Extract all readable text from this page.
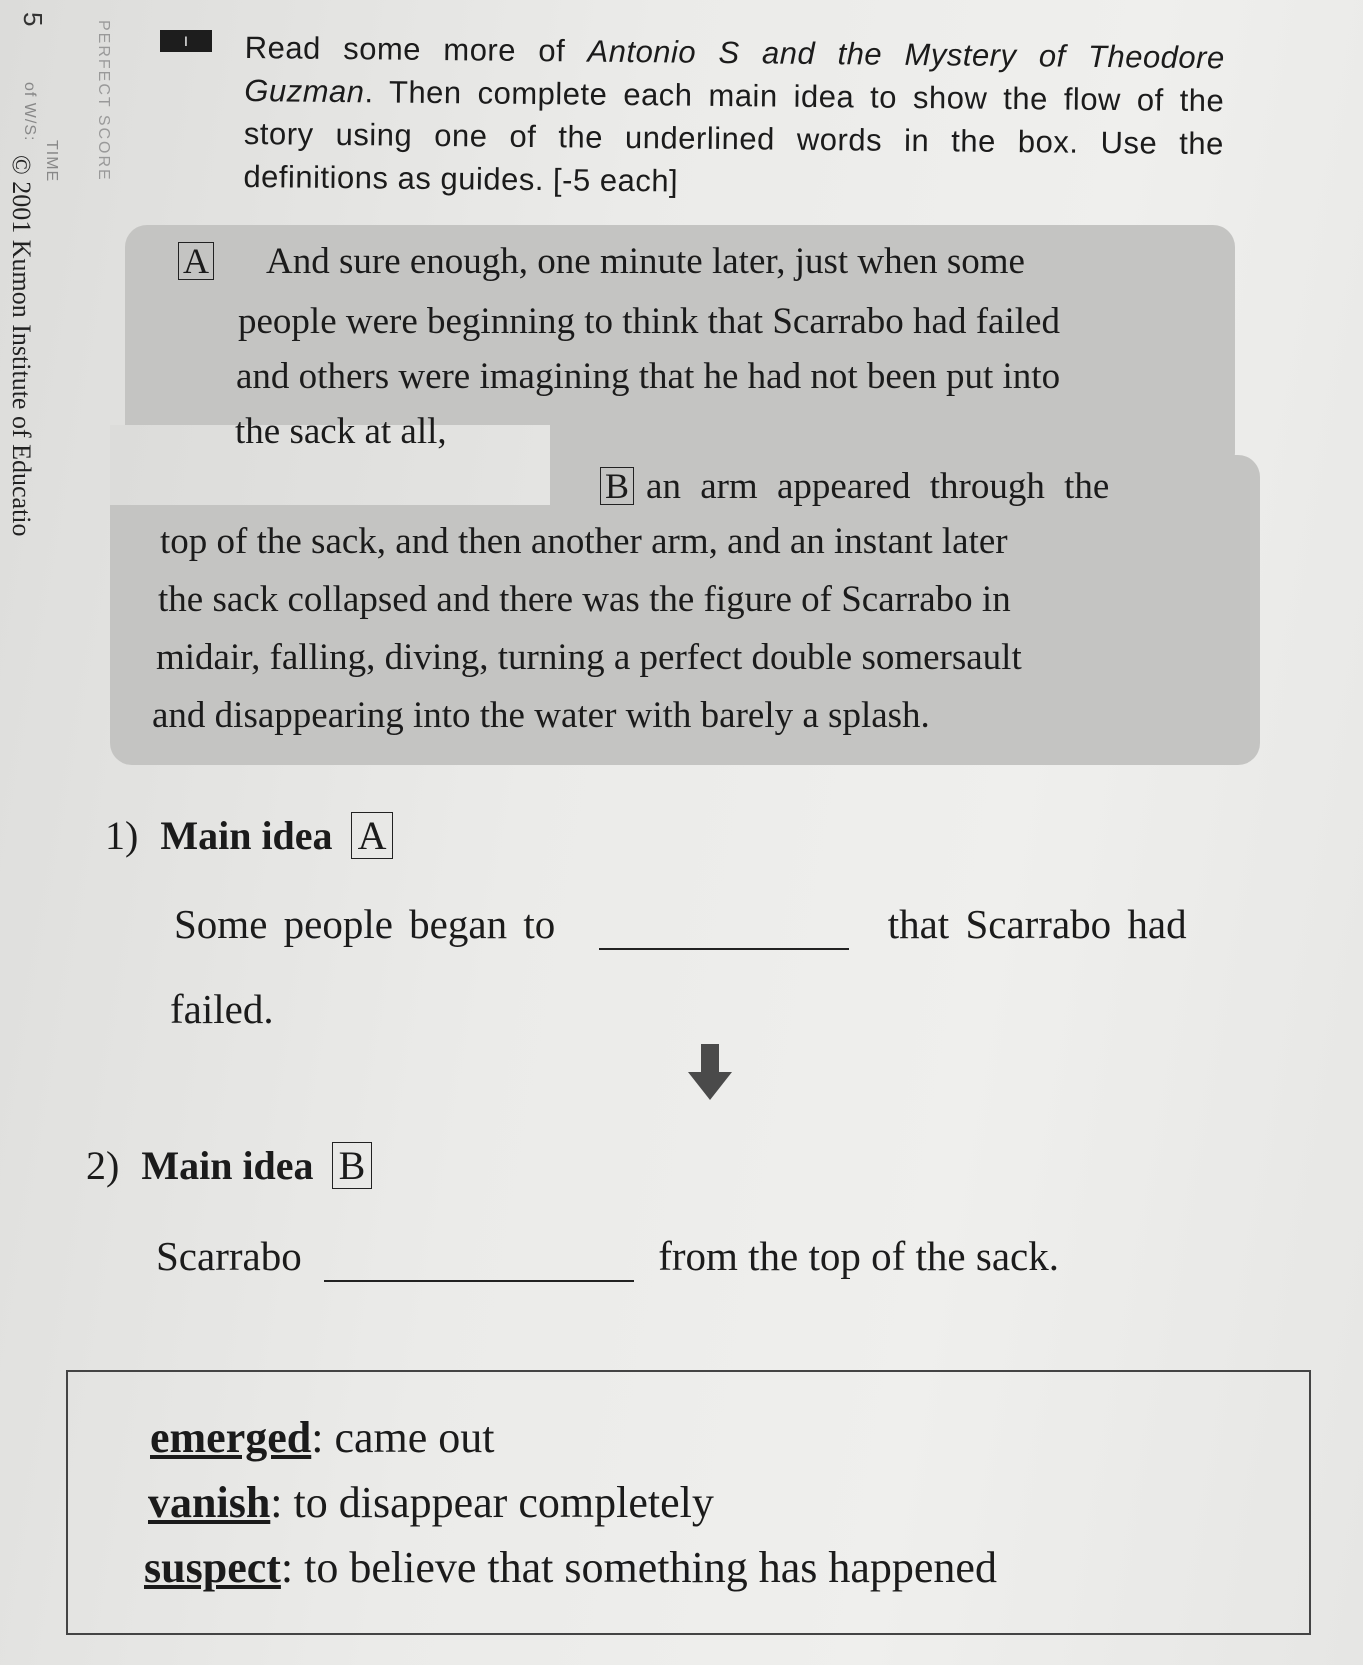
5
of W/S:
TIME PERFECT SCORE
© 2001 Kumon Institute of Educatio
I	Read some more of Antonio S and the Mystery of Theodore Guzman. Then complete each main idea to show the flow of the story using one of the underlined words in the box. Use the definitions as guides. [-5 each]
A And sure enough, one minute later, just when some
people were beginning to think that Scarrabo had failed
and others were imagining that he had not been put into
the sack at all,
B an arm appeared through the
top of the sack, and then another arm, and an instant later
the sack collapsed and there was the figure of Scarrabo in
midair, falling, diving, turning a perfect double somersault
and disappearing into the water with barely a splash.
1) Main idea A
Some people began to	that Scarrabo had
failed.
2) Main idea B
Scarrabo	from the top of the sack.
emerged: came out
vanish: to disappear completely
suspect: to believe that something has happened
